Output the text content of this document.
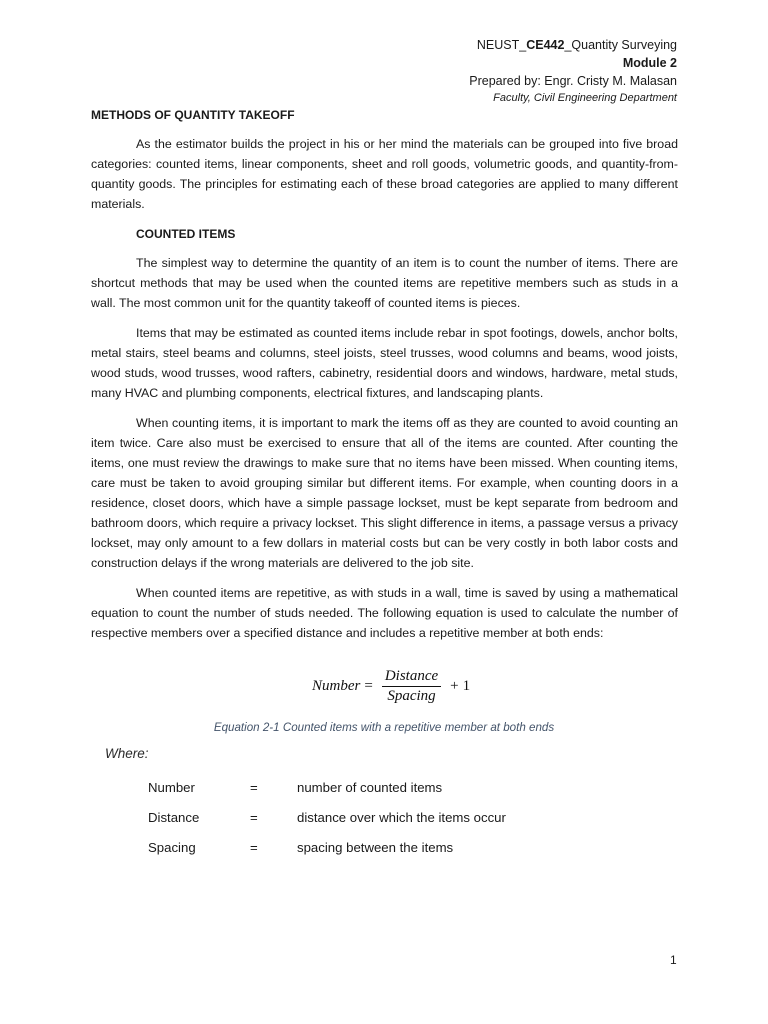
NEUST_CE442_Quantity Surveying
Module 2
Prepared by: Engr. Cristy M. Malasan
Faculty, Civil Engineering Department
METHODS OF QUANTITY TAKEOFF

As the estimator builds the project in his or her mind the materials can be grouped into five broad categories: counted items, linear components, sheet and roll goods, volumetric goods, and quantity-from-quantity goods. The principles for estimating each of these broad categories are applied to many different materials.

COUNTED ITEMS

The simplest way to determine the quantity of an item is to count the number of items. There are shortcut methods that may be used when the counted items are repetitive members such as studs in a wall. The most common unit for the quantity takeoff of counted items is pieces.

Items that may be estimated as counted items include rebar in spot footings, dowels, anchor bolts, metal stairs, steel beams and columns, steel joists, steel trusses, wood columns and beams, wood joists, wood studs, wood trusses, wood rafters, cabinetry, residential doors and windows, hardware, metal studs, many HVAC and plumbing components, electrical fixtures, and landscaping plants.

When counting items, it is important to mark the items off as they are counted to avoid counting an item twice. Care also must be exercised to ensure that all of the items are counted. After counting the items, one must review the drawings to make sure that no items have been missed. When counting items, care must be taken to avoid grouping similar but different items. For example, when counting doors in a residence, closet doors, which have a simple passage lockset, must be kept separate from bedroom and bathroom doors, which require a privacy lockset. This slight difference in items, a passage versus a privacy lockset, may only amount to a few dollars in material costs but can be very costly in both labor costs and construction delays if the wrong materials are delivered to the job site.

When counted items are repetitive, as with studs in a wall, time is saved by using a mathematical equation to count the number of studs needed. The following equation is used to calculate the number of respective members over a specified distance and includes a repetitive member at both ends:

Number = $\frac{\text{Distance}}{\text{Spacing}} + 1$
Equation 2-1 Counted items with a repetitive member at both ends
Where:
Number	=	number of counted items
Distance	=	distance over which the items occur
Spacing	=	spacing between the items
1
